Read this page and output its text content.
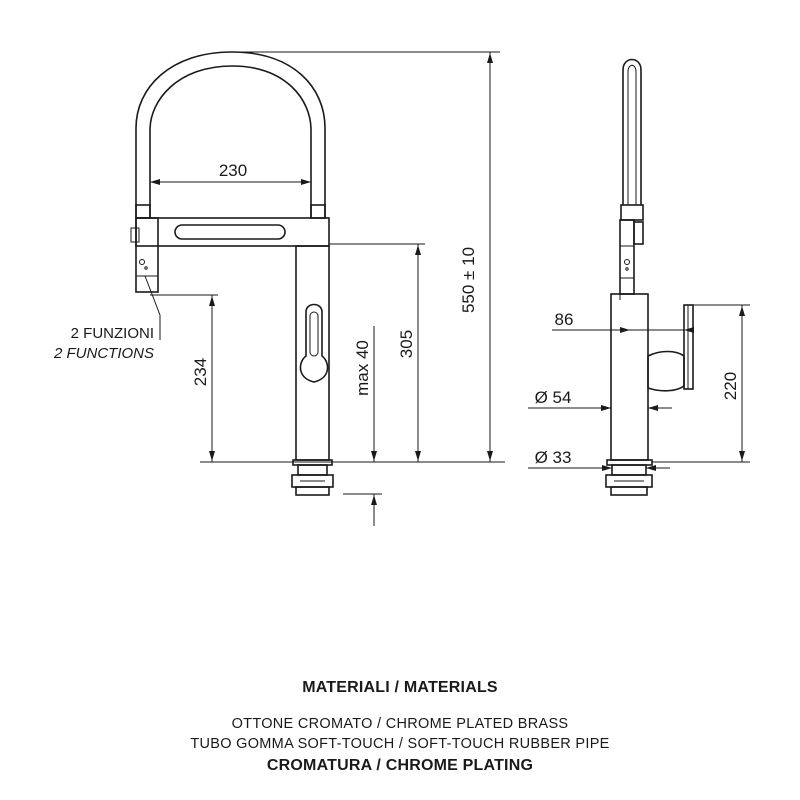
230
234
305
max 40
550 ± 10
2 FUNZIONI
2 FUNCTIONS
86
Ø 54
Ø 33
220

MATERIALI / MATERIALS

OTTONE CROMATO / CHROME PLATED BRASS

TUBO GOMMA SOFT-TOUCH / SOFT-TOUCH RUBBER PIPE

CROMATURA / CHROME PLATING
